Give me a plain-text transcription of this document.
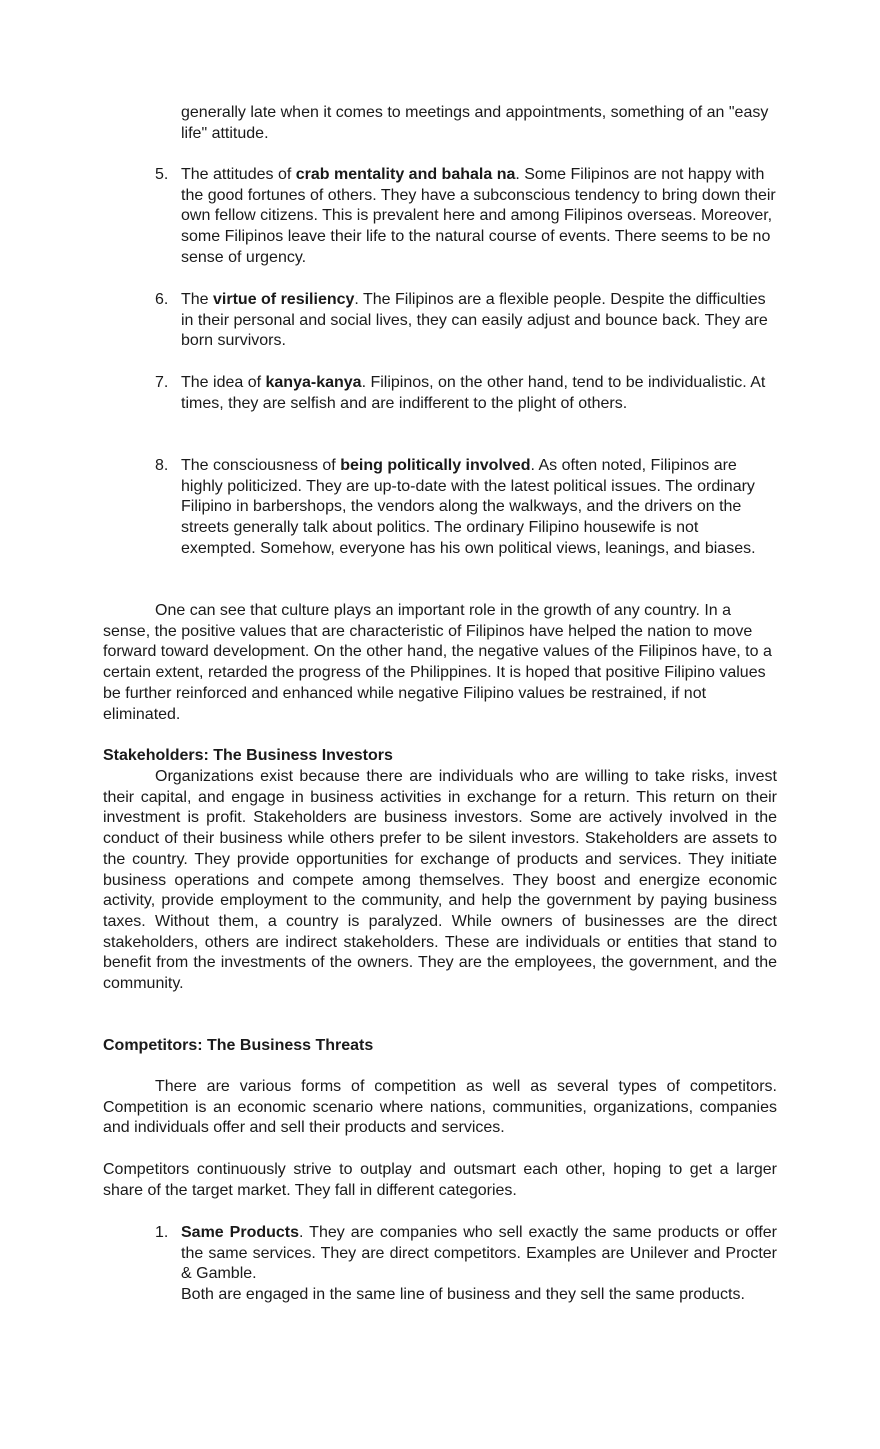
generally late when it comes to meetings and appointments, something of an "easy life" attitude.

5. The attitudes of crab mentality and bahala na. Some Filipinos are not happy with the good fortunes of others. They have a subconscious tendency to bring down their own fellow citizens. This is prevalent here and among Filipinos overseas. Moreover, some Filipinos leave their life to the natural course of events. There seems to be no sense of urgency.

6. The virtue of resiliency. The Filipinos are a flexible people. Despite the difficulties in their personal and social lives, they can easily adjust and bounce back. They are born survivors.

7. The idea of kanya-kanya. Filipinos, on the other hand, tend to be individualistic. At times, they are selfish and are indifferent to the plight of others.

8. The consciousness of being politically involved. As often noted, Filipinos are highly politicized. They are up-to-date with the latest political issues. The ordinary Filipino in barbershops, the vendors along the walkways, and the drivers on the streets generally talk about politics. The ordinary Filipino housewife is not exempted. Somehow, everyone has his own political views, leanings, and biases.

One can see that culture plays an important role in the growth of any country. In a sense, the positive values that are characteristic of Filipinos have helped the nation to move forward toward development. On the other hand, the negative values of the Filipinos have, to a certain extent, retarded the progress of the Philippines. It is hoped that positive Filipino values be further reinforced and enhanced while negative Filipino values be restrained, if not eliminated.

Stakeholders: The Business Investors

Organizations exist because there are individuals who are willing to take risks, invest their capital, and engage in business activities in exchange for a return. This return on their investment is profit. Stakeholders are business investors. Some are actively involved in the conduct of their business while others prefer to be silent investors. Stakeholders are assets to the country. They provide opportunities for exchange of products and services. They initiate business operations and compete among themselves. They boost and energize economic activity, provide employment to the community, and help the government by paying business taxes. Without them, a country is paralyzed. While owners of businesses are the direct stakeholders, others are indirect stakeholders. These are individuals or entities that stand to benefit from the investments of the owners. They are the employees, the government, and the community.

Competitors: The Business Threats

There are various forms of competition as well as several types of competitors. Competition is an economic scenario where nations, communities, organizations, companies and individuals offer and sell their products and services.

Competitors continuously strive to outplay and outsmart each other, hoping to get a larger share of the target market. They fall in different categories.

1. Same Products. They are companies who sell exactly the same products or offer the same services. They are direct competitors. Examples are Unilever and Procter & Gamble.

Both are engaged in the same line of business and they sell the same products.
